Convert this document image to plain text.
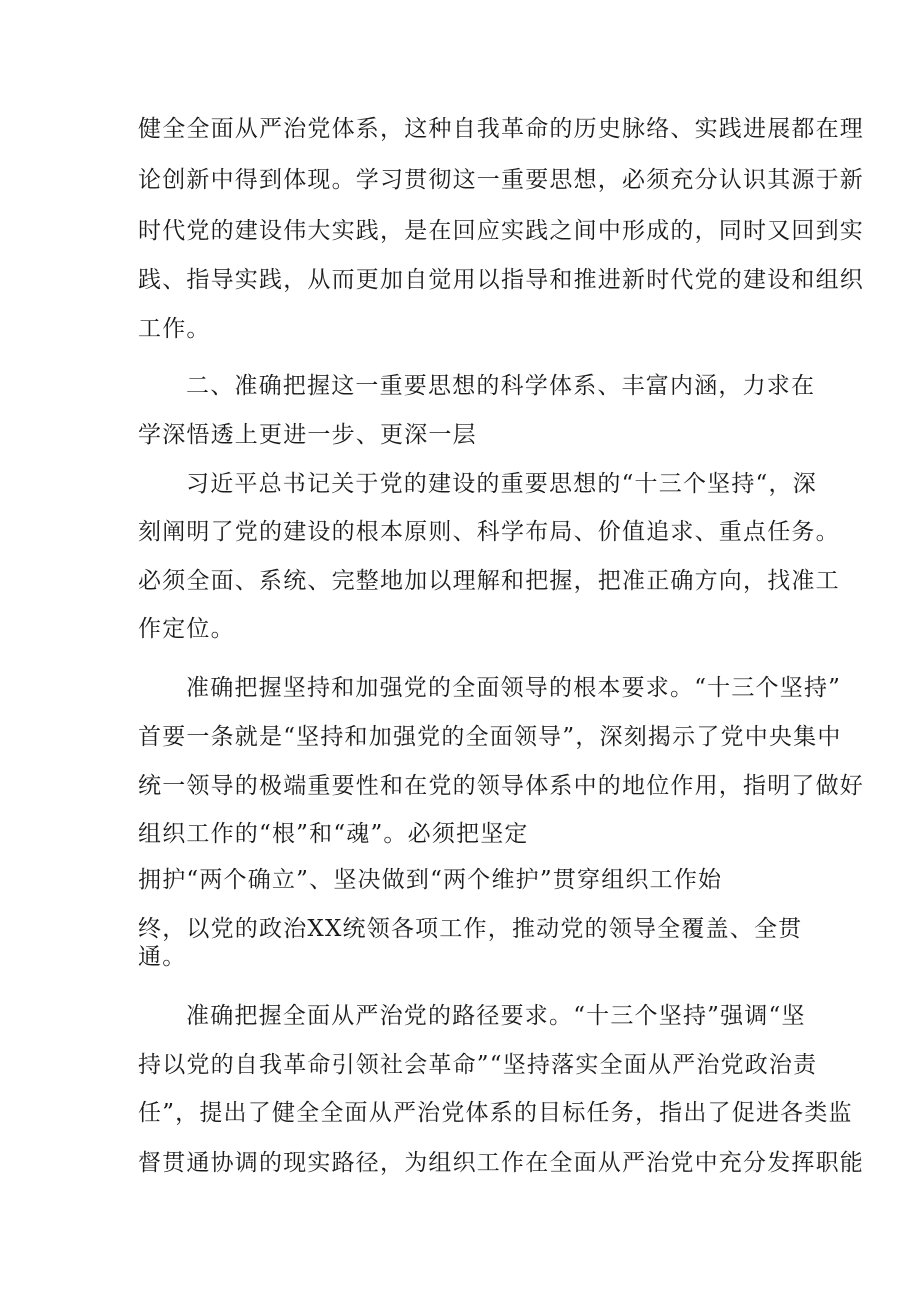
健全全面从严治党体系，这种自我革命的历史脉络、实践进展都在理
论创新中得到体现。学习贯彻这一重要思想，必须充分认识其源于新
时代党的建设伟大实践，是在回应实践之间中形成的，同时又回到实
践、指导实践，从而更加自觉用以指导和推进新时代党的建设和组织
工作。
二、准确把握这一重要思想的科学体系、丰富内涵，力求在
学深悟透上更进一步、更深一层
习近平总书记关于党的建设的重要思想的“十三个坚持“，深
刻阐明了党的建设的根本原则、科学布局、价值追求、重点任务。
必须全面、系统、完整地加以理解和把握，把准正确方向，找准工
作定位。
准确把握坚持和加强党的全面领导的根本要求。“十三个坚持”
首要一条就是“坚持和加强党的全面领导”，深刻揭示了党中央集中
统一领导的极端重要性和在党的领导体系中的地位作用，指明了做好
组织工作的“根”和“魂”。必须把坚定
拥护“两个确立”、坚决做到“两个维护”贯穿组织工作始
终，以党的政治XX统领各项工作，推动党的领导全覆盖、全贯
通。
准确把握全面从严治党的路径要求。“十三个坚持”强调“坚
持以党的自我革命引领社会革命”“坚持落实全面从严治党政治责
任”，提出了健全全面从严治党体系的目标任务，指出了促进各类监
督贯通协调的现实路径，为组织工作在全面从严治党中充分发挥职能
